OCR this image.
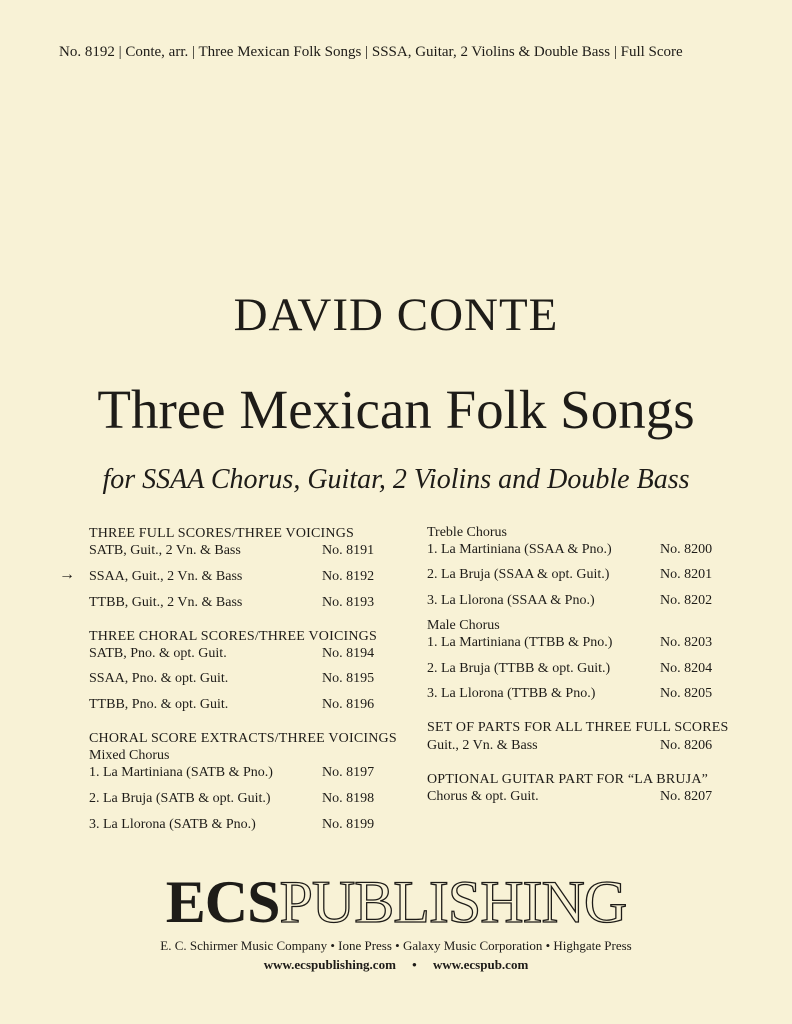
No. 8192 | Conte, arr. | Three Mexican Folk Songs | SSSA, Guitar, 2 Violins & Double Bass | Full Score
DAVID CONTE
Three Mexican Folk Songs
for SSAA Chorus, Guitar, 2 Violins and Double Bass
THREE FULL SCORES/THREE VOICINGS
SATB, Guit., 2 Vn. & Bass	No. 8191
→ SSAA, Guit., 2 Vn. & Bass	No. 8192
TTBB, Guit., 2 Vn. & Bass	No. 8193
THREE CHORAL SCORES/THREE VOICINGS
SATB, Pno. & opt. Guit.	No. 8194
SSAA, Pno. & opt. Guit.	No. 8195
TTBB, Pno. & opt. Guit.	No. 8196
CHORAL SCORE EXTRACTS/THREE VOICINGS
Mixed Chorus
1. La Martiniana (SATB & Pno.)	No. 8197
2. La Bruja (SATB & opt. Guit.)	No. 8198
3. La Llorona (SATB & Pno.)	No. 8199
Treble Chorus
1. La Martiniana (SSAA & Pno.)	No. 8200
2. La Bruja (SSAA & opt. Guit.)	No. 8201
3. La Llorona (SSAA & Pno.)	No. 8202
Male Chorus
1. La Martiniana (TTBB & Pno.)	No. 8203
2. La Bruja (TTBB & opt. Guit.)	No. 8204
3. La Llorona (TTBB & Pno.)	No. 8205
SET OF PARTS FOR ALL THREE FULL SCORES
Guit., 2 Vn. & Bass	No. 8206
OPTIONAL GUITAR PART FOR “LA BRUJA”
Chorus & opt. Guit.	No. 8207
ECSPUBLISHING
E. C. Schirmer Music Company • Ione Press • Galaxy Music Corporation • Highgate Press
www.ecspublishing.com     •     www.ecspub.com
